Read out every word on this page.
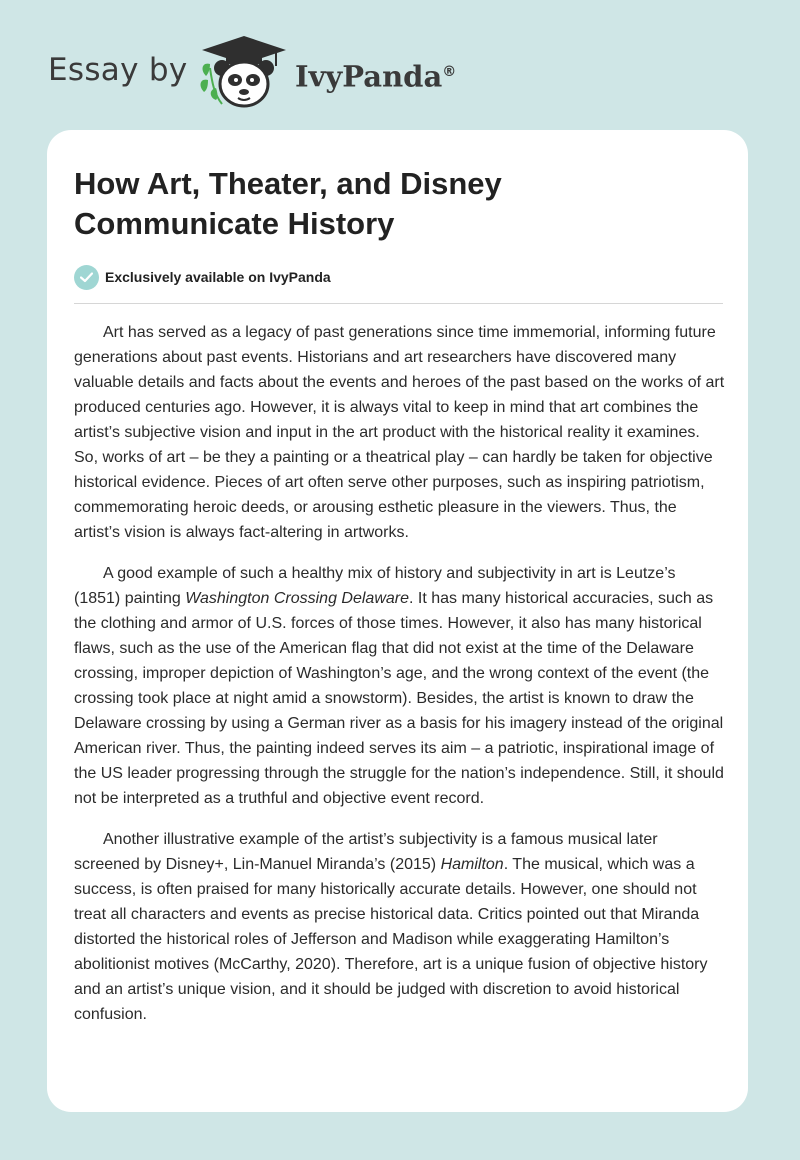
Essay by	IvyPanda®
How Art, Theater, and Disney Communicate History
Exclusively available on IvyPanda

Art has served as a legacy of past generations since time immemorial, informing future generations about past events. Historians and art researchers have discovered many valuable details and facts about the events and heroes of the past based on the works of art produced centuries ago. However, it is always vital to keep in mind that art combines the artist’s subjective vision and input in the art product with the historical reality it examines. So, works of art – be they a painting or a theatrical play – can hardly be taken for objective historical evidence. Pieces of art often serve other purposes, such as inspiring patriotism, commemorating heroic deeds, or arousing esthetic pleasure in the viewers. Thus, the artist’s vision is always fact-altering in artworks.

A good example of such a healthy mix of history and subjectivity in art is Leutze’s (1851) painting Washington Crossing Delaware. It has many historical accuracies, such as the clothing and armor of U.S. forces of those times. However, it also has many historical flaws, such as the use of the American flag that did not exist at the time of the Delaware crossing, improper depiction of Washington’s age, and the wrong context of the event (the crossing took place at night amid a snowstorm). Besides, the artist is known to draw the Delaware crossing by using a German river as a basis for his imagery instead of the original American river. Thus, the painting indeed serves its aim – a patriotic, inspirational image of the US leader progressing through the struggle for the nation’s independence. Still, it should not be interpreted as a truthful and objective event record.

Another illustrative example of the artist’s subjectivity is a famous musical later screened by Disney+, Lin-Manuel Miranda’s (2015) Hamilton. The musical, which was a success, is often praised for many historically accurate details. However, one should not treat all characters and events as precise historical data. Critics pointed out that Miranda distorted the historical roles of Jefferson and Madison while exaggerating Hamilton’s abolitionist motives (McCarthy, 2020). Therefore, art is a unique fusion of objective history and an artist’s unique vision, and it should be judged with discretion to avoid historical confusion.
